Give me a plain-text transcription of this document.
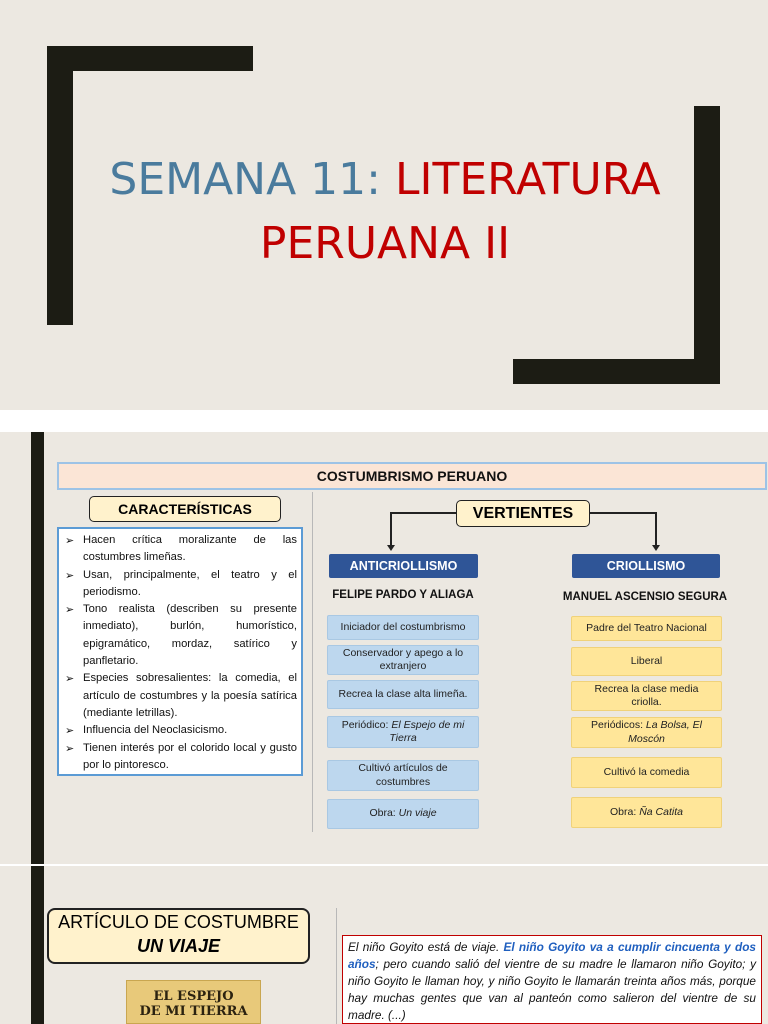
SEMANA 11: LITERATURA
PERUANA II
COSTUMBRISMO PERUANO
CARACTERÍSTICAS
➢ Hacen crítica moralizante de las costumbres limeñas.
➢ Usan, principalmente, el teatro y el periodismo.
➢ Tono realista (describen su presente inmediato), burlón, humorístico, epigramático, mordaz, satírico y panfletario.
➢ Especies sobresalientes: la comedia, el artículo de costumbres y la poesía satírica (mediante letrillas).
➢ Influencia del Neoclasicismo.
➢ Tienen interés por el colorido local y gusto por lo pintoresco.
VERTIENTES
ANTICRIOLLISMO
FELIPE PARDO Y ALIAGA
Iniciador del costumbrismo
Conservador y apego a lo extranjero
Recrea la clase alta limeña.
Periódico: El Espejo de mi Tierra
Cultivó artículos de costumbres
Obra: Un viaje
CRIOLLISMO
MANUEL ASCENSIO SEGURA
Padre del Teatro Nacional
Liberal
Recrea la clase media criolla.
Periódicos: La Bolsa, El Moscón
Cultivó la comedia
Obra: Ña Catita
ARTÍCULO DE COSTUMBRE
UN VIAJE
EL ESPEJO
DE MI TIERRA
El niño Goyito está de viaje. El niño Goyito va a cumplir cincuenta y dos años; pero cuando salió del vientre de su madre le llamaron niño Goyito; y niño Goyito le llaman hoy, y niño Goyito le llamarán treinta años más, porque hay muchas gentes que van al panteón como salieron del vientre de su madre. (...)
